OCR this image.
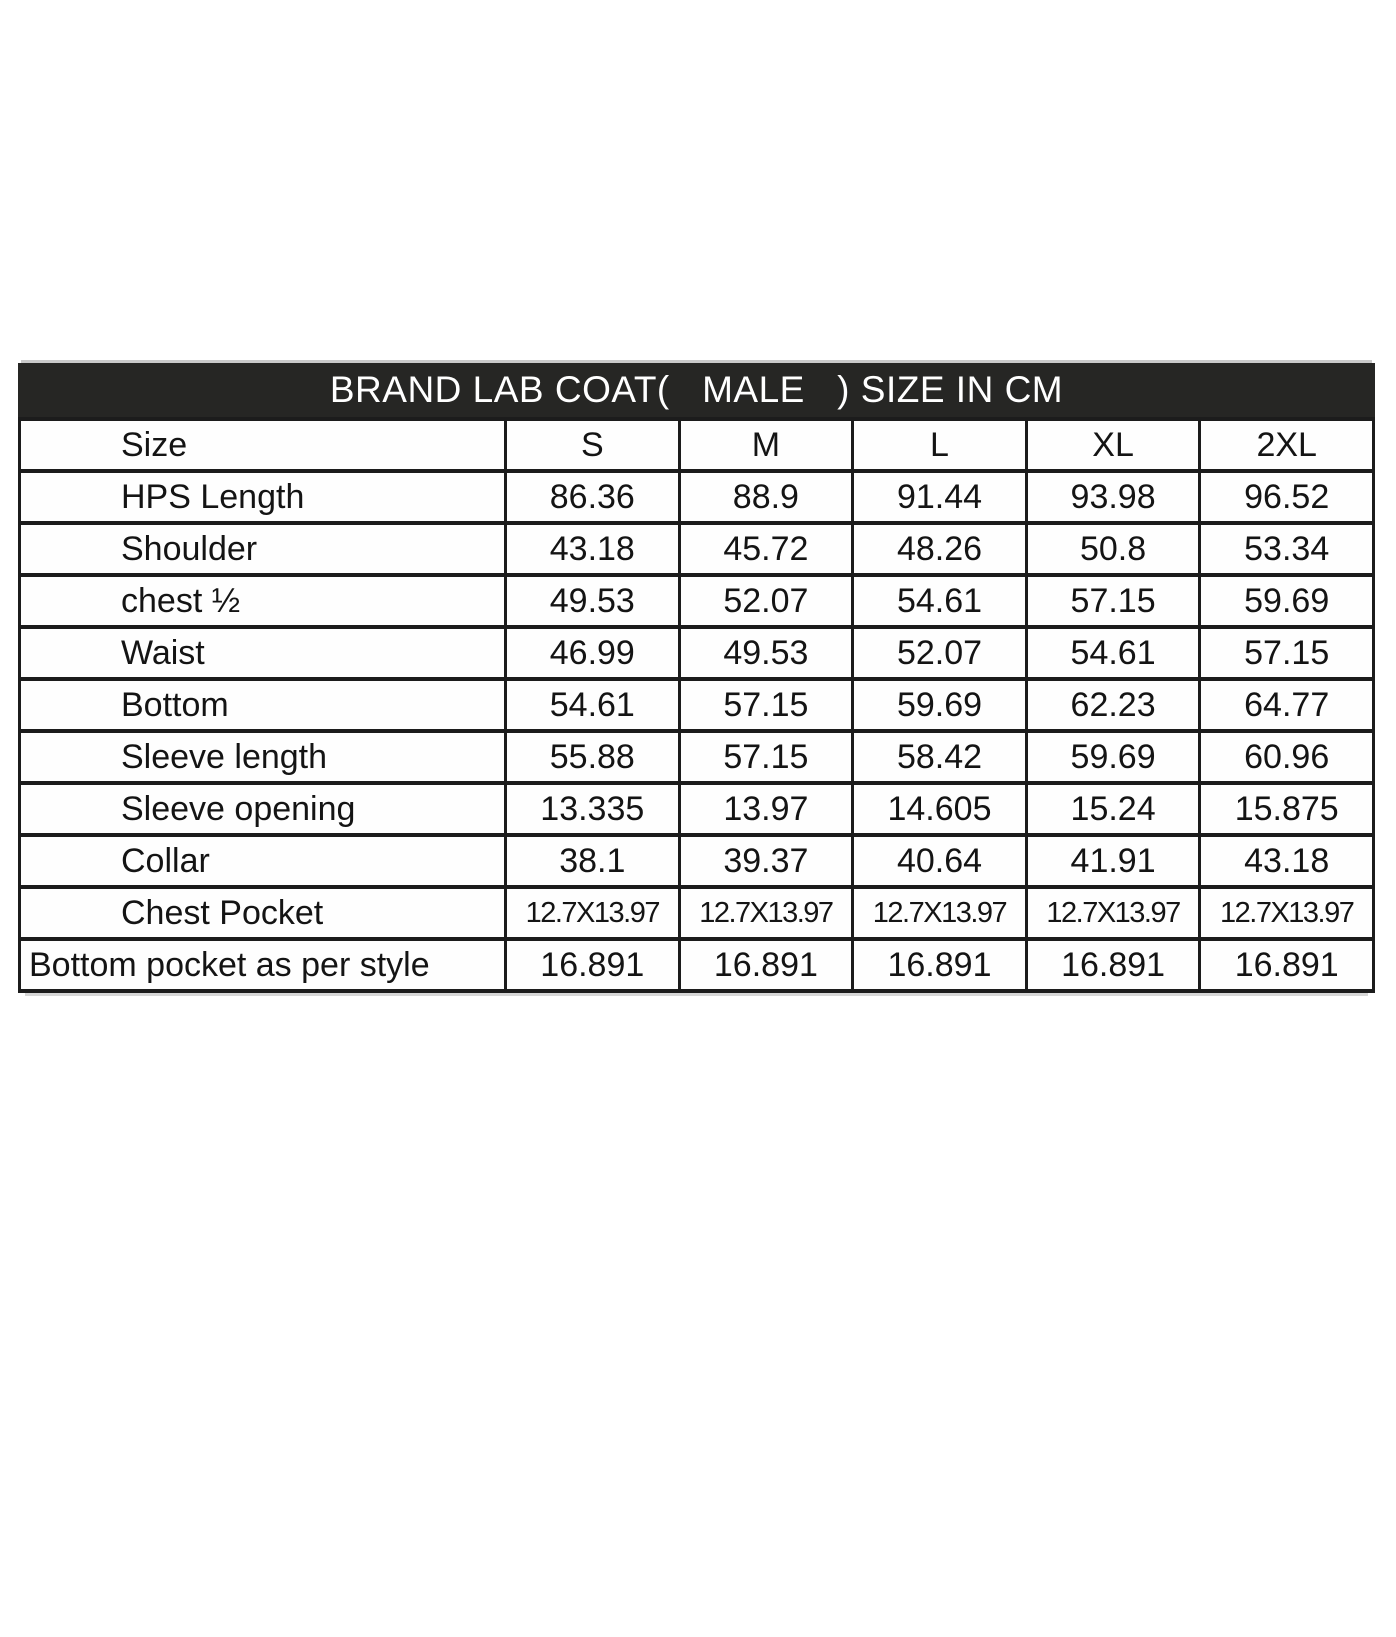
BRAND LAB COAT(   MALE   ) SIZE IN CM
Size	S	M	L	XL	2XL
HPS Length	86.36	88.9	91.44	93.98	96.52
Shoulder	43.18	45.72	48.26	50.8	53.34
chest ½	49.53	52.07	54.61	57.15	59.69
Waist	46.99	49.53	52.07	54.61	57.15
Bottom	54.61	57.15	59.69	62.23	64.77
Sleeve length	55.88	57.15	58.42	59.69	60.96
Sleeve opening	13.335	13.97	14.605	15.24	15.875
Collar	38.1	39.37	40.64	41.91	43.18
Chest Pocket	12.7X13.97	12.7X13.97	12.7X13.97	12.7X13.97	12.7X13.97
Bottom pocket as per style	16.891	16.891	16.891	16.891	16.891
